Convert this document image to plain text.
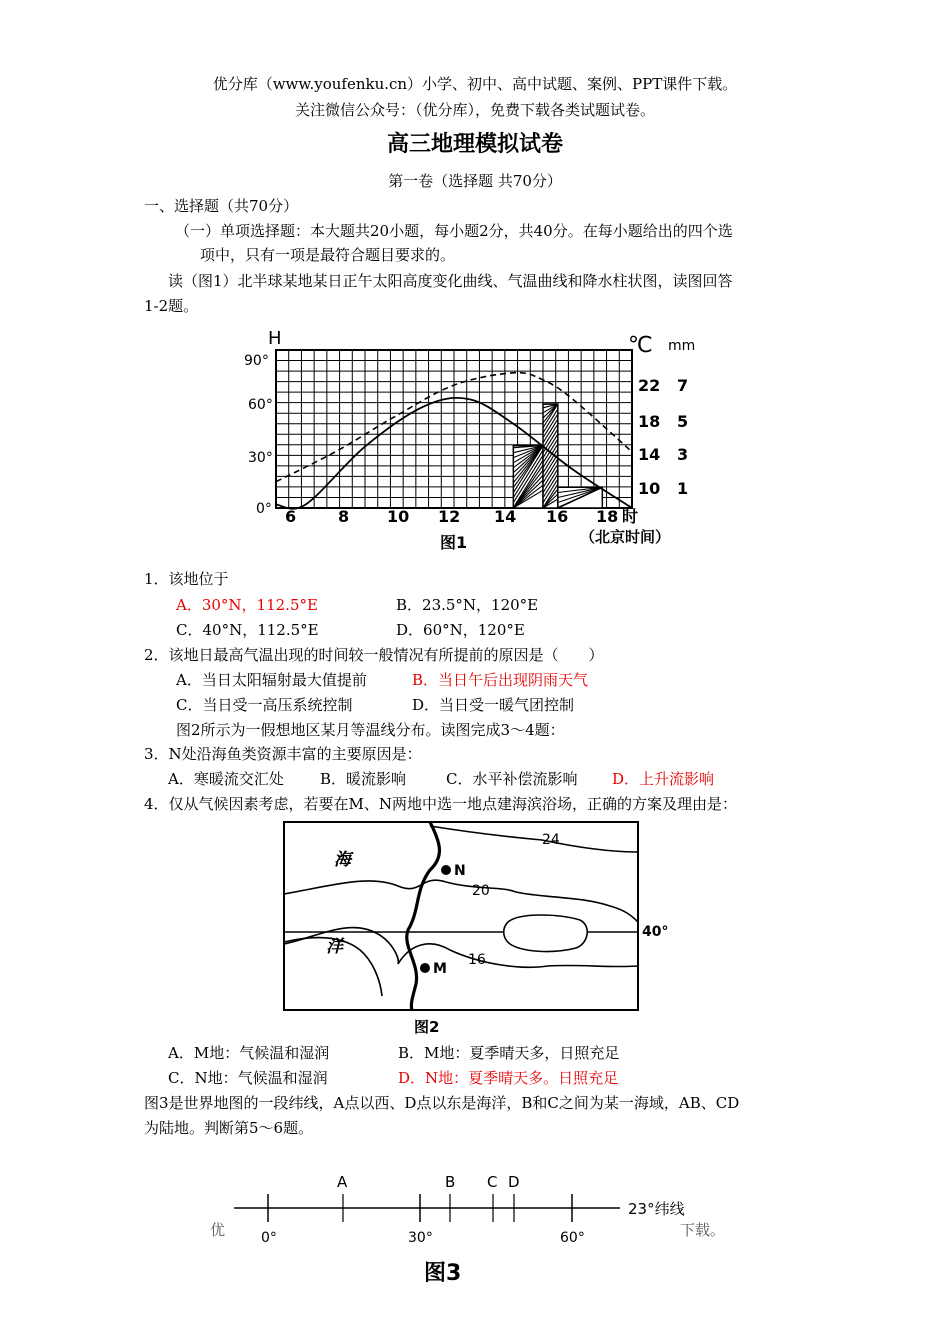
优分库（www.youfenku.cn）小学、初中、高中试题、案例、PPT课件下载。
关注微信公众号：（优分库），免费下载各类试题试卷。
高三地理模拟试卷
第一卷（选择题 共70分）
一、选择题（共70分）
（一）单项选择题：本大题共20小题，每小题2分，共40分。在每小题给出的四个选
项中，只有一项是最符合题目要求的。
读（图1）北半球某地某日正午太阳高度变化曲线、气温曲线和降水柱状图，读图回答
1-2题。
H
90°
60°
30°
0°
℃ mm
22
18
14
10
7
5
3
1
6	8 10 12 14 16 18 时
（北京时间）
图1
1．该地位于
A．30°N，112.5°E	B．23.5°N，120°E
C．40°N，112.5°E	D．60°N，120°E
2．该地日最高气温出现的时间较一般情况有所提前的原因是（　　）
A．当日太阳辐射最大值提前	B．当日午后出现阴雨天气
C．当日受一高压系统控制	D．当日受一暖气团控制
图2所示为一假想地区某月等温线分布。读图完成3～4题：
3．N处沿海鱼类资源丰富的主要原因是：
A．寒暖流交汇处 B．暖流影响	C．水平补偿流影响 D．上升流影响
4．仅从气候因素考虑，若要在M、N两地中选一地点建海滨浴场，正确的方案及理由是：
N
M
24
20
16
40°
海
洋
图2
A．M地：气候温和湿润	B．M地：夏季晴天多，日照充足
C．N地：气候温和湿润	D．N地：夏季晴天多。日照充足
图3是世界地图的一段纬线，A点以西、D点以东是海洋，B和C之间为某一海域，AB、CD
为陆地。判断第5～6题。
A	B C D
0°	30°	60°
23°纬线
优	下载。
图3
